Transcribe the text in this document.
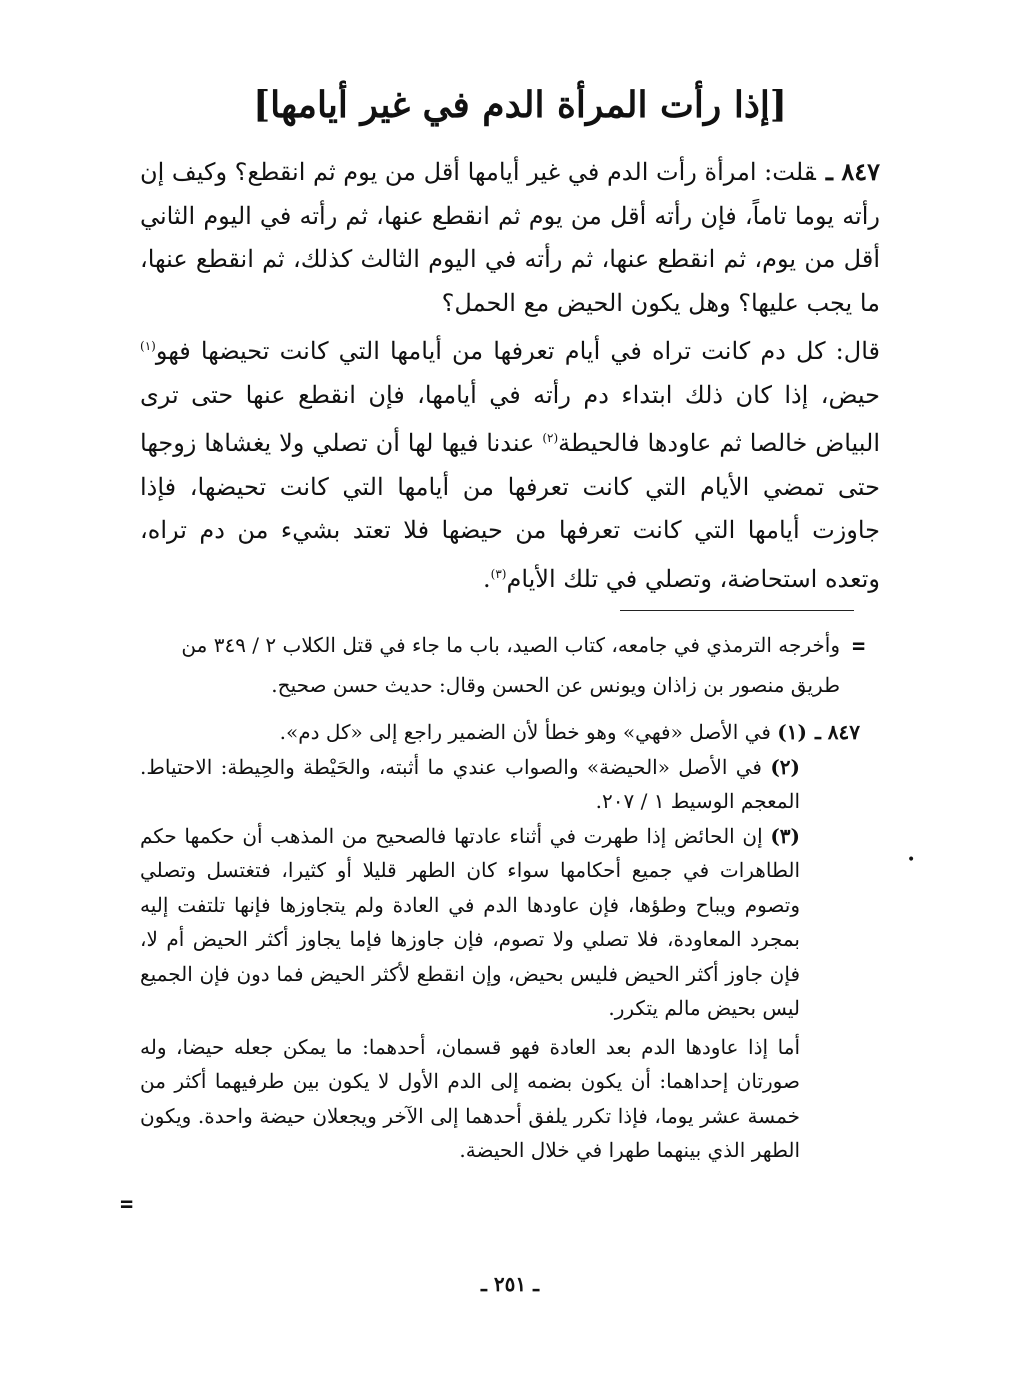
[إذا رأت المرأة الدم في غير أيامها]

٨٤٧ ـقلت: امرأة رأت الدم في غير أيامها أقل من يوم ثم انقطع؟ وكيف إن رأته يوما تاماً، فإن رأته أقل من يوم ثم انقطع عنها، ثم رأته في اليوم الثاني أقل من يوم، ثم انقطع عنها، ثم رأته في اليوم الثالث كذلك، ثم انقطع عنها، ما يجب عليها؟ وهل يكون الحيض مع الحمل؟

قال: كل دم كانت تراه في أيام تعرفها من أيامها التي كانت تحيضها فهو$^{(١)}$ حيض، إذا كان ذلك ابتداء دم رأته في أيامها، فإن انقطع عنها حتى ترى البياض خالصا ثم عاودها فالحيطة$^{(٢)}$ عندنا فيها لها أن تصلي ولا يغشاها زوجها حتى تمضي الأيام التي كانت تعرفها من أيامها التي كانت تحيضها، فإذا جاوزت أيامها التي كانت تعرفها من حيضها فلا تعتد بشيء من دم تراه، وتعده استحاضة، وتصلي في تلك الأيام$^{(٣)}$.

=
وأخرجه الترمذي في جامعه، كتاب الصيد، باب ما جاء في قتل الكلاب ٢ / ٣٤٩ من
طريق منصور بن زاذان ويونس عن الحسن وقال: حديث حسن صحيح.

٨٤٧ ـ(١) في الأصل «فهي» وهو خطأ لأن الضمير راجع إلى «كل دم».

(٢) في الأصل «الحيضة» والصواب عندي ما أثبته، والحَيْطة والحِيطة: الاحتياط. المعجم الوسيط ١ / ٢٠٧.

(٣) إن الحائض إذا طهرت في أثناء عادتها فالصحيح من المذهب أن حكمها حكم الطاهرات في جميع أحكامها سواء كان الطهر قليلا أو كثيرا، فتغتسل وتصلي وتصوم ويباح وطؤها، فإن عاودها الدم في العادة ولم يتجاوزها فإنها تلتفت إليه بمجرد المعاودة، فلا تصلي ولا تصوم، فإن جاوزها فإما يجاوز أكثر الحيض أم لا، فإن جاوز أكثر الحيض فليس بحيض، وإن انقطع لأكثر الحيض فما دون فإن الجميع ليس بحيض مالم يتكرر.

أما إذا عاودها الدم بعد العادة فهو قسمان، أحدهما: ما يمكن جعله حيضا، وله صورتان إحداهما: أن يكون بضمه إلى الدم الأول لا يكون بين طرفيهما أكثر من خمسة عشر يوما، فإذا تكرر يلفق أحدهما إلى الآخر ويجعلان حيضة واحدة. ويكون الطهر الذي بينهما طهرا في خلال الحيضة.

•
=
ـ ٢٥١ ـ
